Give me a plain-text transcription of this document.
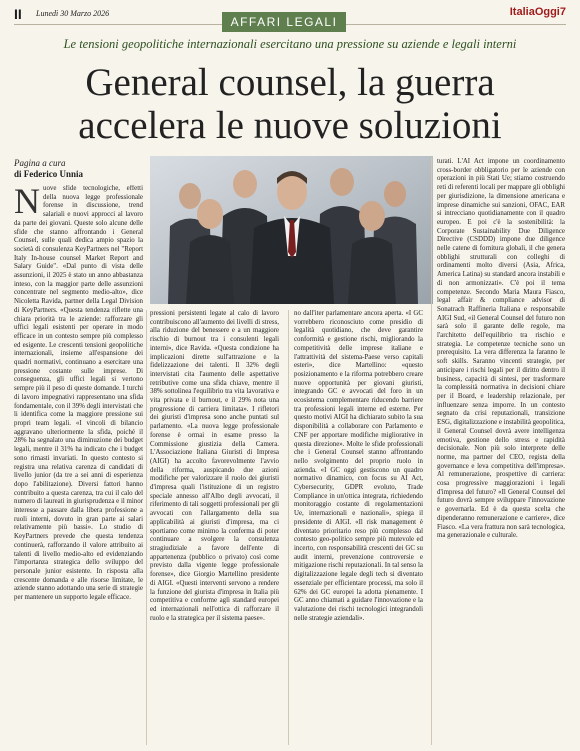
II Lunedì 30 Marzo 2026	ItaliaOggi7
AFFARI LEGALI
Le tensioni geopolitiche internazionali esercitano una pressione su aziende e legali interni
General counsel, la guerra
accelera le nuove soluzioni
Pagina a cura
di Federico Unnia
N uove sfide tecnologiche, effetti della nuova legge professionale forense in discussione, trend salariali e nuovi approcci al lavoro da parte dei giovani. Queste solo alcune delle sfide che stanno affrontando i General Counsel, sulle quali dedica ampio spazio la società di consulenza KeyPartners nel "Report Italy In-house counsel Market Report and Salary Guide". «Dal punto di vista delle assunzioni, il 2025 è stato un anno abbastanza inteso, con la maggior parte delle assunzioni concentrate nel segmento medio-alto», dice Nicoletta Ravida, partner della Legal Division di KeyPartners. «Questa tendenza riflette una chiara priorità tra le aziende: rafforzare gli uffici legali esistenti per operare in modo efficace in un contesto sempre più complesso ed esigente. Le crescenti tensioni geopolitiche internazionali, insieme all'espansione dei quadri normativi, continuano a esercitare una pressione costante sulle imprese. Di conseguenza, gli uffici legali si vertono sempre più il peso di queste domande. I turchi di lavoro impegnativi rappresentano una sfida fondamentale, con il 39% degli intervistati che li identifica come la maggiore pressione sui propri team legali. «I vincoli di bilancio aggravano ulteriormente la sfida, poiché il 28% ha segnalato una diminuzione dei budget legali, mentre il 31% ha indicato che i budget sono rimasti invariati. In questo contesto si registra una relativa carenza di candidati di livello junior (da tre a sei anni di esperienza dopo l'abilitazione). Diversi fattori hanno contribuito a questa carenza, tra cui il calo del numero di laureati in giurisprudenza e il minor interesse a passare dalla libera professione a ruoli interni, dovuto in gran parte ai salari relativamente più bassi». Lo studio di KeyPartners prevede che questa tendenza continuerà, rafforzando il valore attribuito ai talenti di livello medio-alto ed evidenziando l'importanza strategica dello sviluppo del personale junior esistente. In risposta alla crescente domanda e alle risorse limitate, le aziende stanno adottando una serie di strategie per mantenere un supporto legale efficace.
pressioni persistenti legate al calo di lavoro contribuiscono all'aumento dei livelli di stress, alla riduzione del benessere e a un maggiore rischio di burnout tra i consulenti legali interni», dice Ravida. «Questa condizione ha implicazioni dirette sull'attrazione e la fidelizzazione dei talenti. Il 32% degli intervistati cita l'aumento delle aspettative retributive come una sfida chiave, mentre il 38% sottolinea l'equilibrio tra vita lavorativa e vita privata e il burnout, e il 29% nota una progressione di carriera limitata». I rifletori dei giuristi d'impresa sono anche puntati sul parlamento. «La nuova legge professionale forense è ormai in esame presso la Commissione giustizia della Camera. L'Associazione Italiana Giuristi di Impresa (AIGI) ha accolto favorevolmente l'avvio della riforma, auspicando due azioni modifiche per valorizzare il ruolo dei giuristi d'impresa quali l'istituzione di un registro speciale annesso all'Albo degli avvocati, il riferimento di tali soggetti professionali per gli avvocati con l'allargamento della sua applicabilità ai giuristi d'impresa, ma ci sportiamo come minimo la conferma di poter continuare a svolgere la consulenza stragiudiziale a favore dell'ente di appartenenza (pubblico o privato) così come previsto dalla vigente legge professionale forense», dice Giorgio Martellino presidente di AIGI. «Questi interventi servono a rendere la funzione del giurista d'impresa in Italia più competitiva e conforme agli standard europei ed internazionali nell'ottica di rafforzare il ruolo e la strategica per il sistema paese».
no dall'iter parlamentare ancora aperta. «I GC vorrebbero riconosciuto come presidio di legalità quotidiano, che deve garantire conformità e gestione rischi, migliorando la competitività delle imprese italiane e l'attrattività del sistema-Paese verso capitali esteri», dice Martellino: «questo posizionamento e la riforma potrebbero creare nuove opportunità per giovani giuristi, integrando GC e avvocati del foro in un ecosistema complementare riducendo barriere tra professioni legali interne ed esterne. Per questo motivi AIGI ha dichiarato subito la sua disponibilità a collaborare con Parlamento e CNF per apportare modifiche migliorative in questa direzione». Molte le sfide professionali che i General Counsel stanno affrontando nello svolgimento del proprio ruolo in azienda. «I GC oggi gestiscono un quadro normativo dinamico, con focus su AI Act, Cybersecurity, GDPR evoluto, Trade Compliance in un'ottica integrata, richiedendo monitoraggio costante di regolamentazioni Ue, internazionali e nazionali», spiega il presidente di AIGI. «Il risk management è diventato prioritario reso più complesso dal contesto geo-politico sempre più mutevole ed incerto, con responsabilità crescenti dei GC su audit interni, prevenzione controversie e mitigazione rischi reputazionali. In tal senso la digitalizzazione legale degli tech si diventato essenziale per efficientare processi, ma solo il 62% dei GC europei la adotta pienamente. I GC anno chiamati a guidare l'innovazione e la valutazione dei rischi tecnologici integrandoli nelle strategie aziendali».
turati. L'AI Act impone un coordinamento cross-border obbligatorio per le aziende con operazioni in più Stati Ue; stiamo costruendo reti di referenti locali per mappare gli obblighi per giurisdizione, la dimensione americana e imprese dinamiche sui sanzioni, OFAC, EAR si intrecciano quotidianamente con il quadro europeo. E poi c'è la sostenibilità: la Corporate Sustainability Due Diligence Directive (CSDDD) impone due diligence nelle catene di fornitura globali, il che genera obblighi strutturali con colleghi di ordinamenti molto diversi (Asia, Africa, America Latina) su standard ancora instabili e di non armonizzati». C'è poi il tema competenze. Secondo Maria Maura Fiasco, legal affair & compliance advisor di Sonatrach Raffineria Italiana e responsabile AIGI Sud, «il General Counsel del futuro non sarà solo il garante delle regole, ma l'architetto dell'equilibrio tra rischio e strategia. Le competenze tecniche sono un prerequisito. La vera differenza la faranno le soft skills. Saranno vincenti strategie, per anticipare i rischi legali per il diritto dentro il business, capacità di sintesi, per trasformare la complessità normativa in decisioni chiare per il Board, e leadership relazionale, per influenzare senza imporre. In un contesto segnato da crisi reputazionali, transizione ESG, digitalizzazione e instabilità geopolitica, il General Counsel dovrà avere intelligenza emotiva, gestione dello stress e rapidità decisionale. Non più solo interprete delle norme, ma partner del CEO, regista della governance e leva competitiva dell'impresa». Al remunerazione, prospettive di carriera: cosa progressive maggiorazioni i legali d'impresa del futuro? «Il General Counsel del futuro dovrà sempre sviluppare l'innovazione e governarla. Ed è da questa scelta che dipenderanno remunerazione e carriere», dice Fiasco. «La vera frattura non sarà tecnologica, ma generazionale e culturale.
